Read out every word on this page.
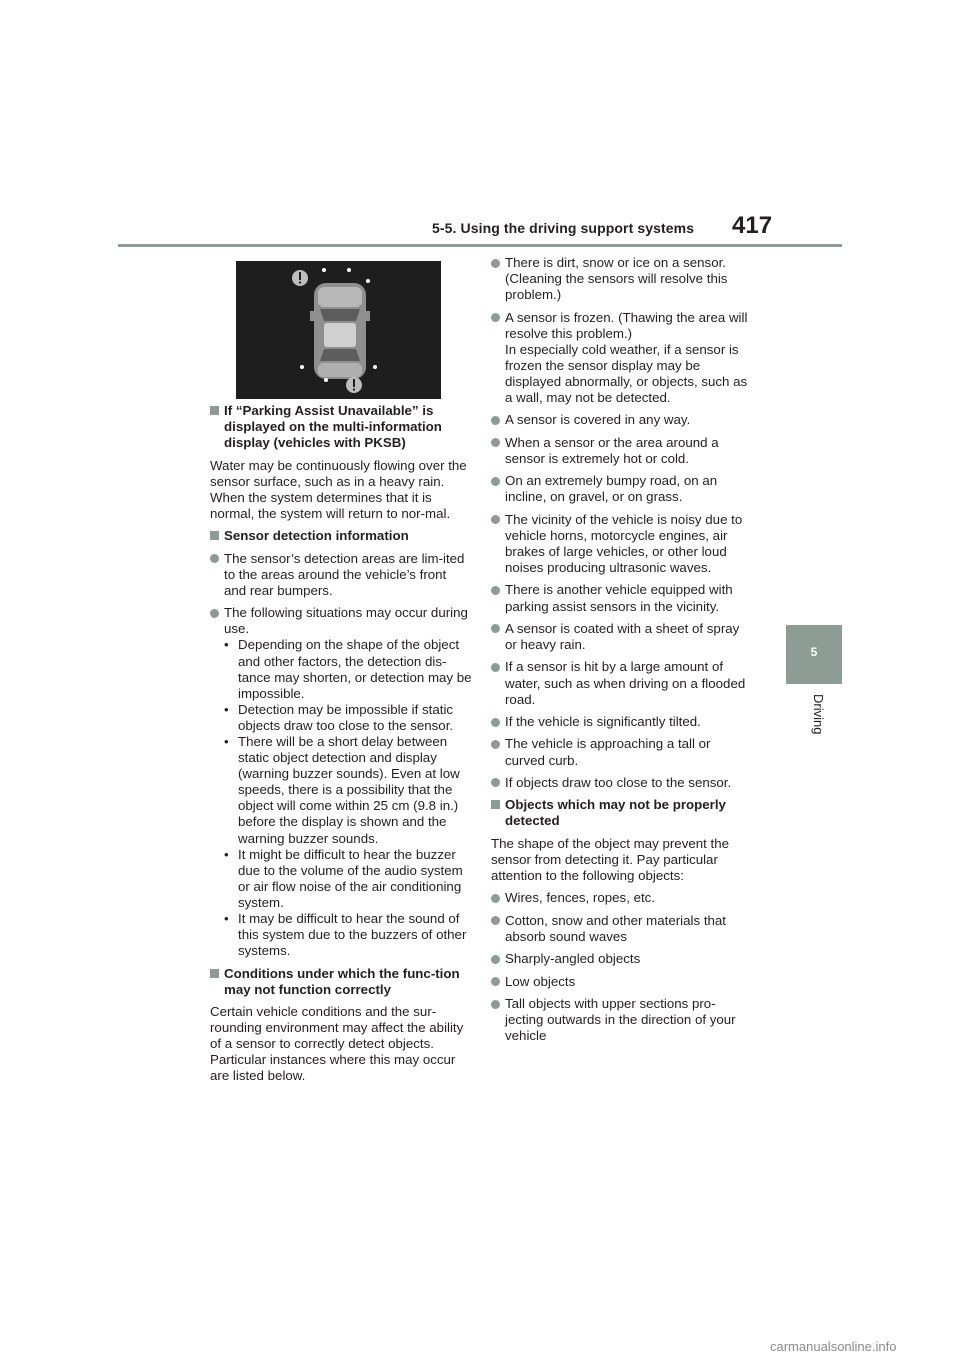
5-5. Using the driving support systems 417
5
Driving
If “Parking Assist Unavailable” is displayed on the multi-information display (vehicles with PKSB)

Water may be continuously flowing over the sensor surface, such as in a heavy rain. When the system determines that it is normal, the system will return to nor-mal.

Sensor detection information
The sensor’s detection areas are lim-ited to the areas around the vehicle’s front and rear bumpers.
The following situations may occur during use.
• Depending on the shape of the object and other factors, the detection dis-tance may shorten, or detection may be impossible.
• Detection may be impossible if static objects draw too close to the sensor.
• There will be a short delay between static object detection and display (warning buzzer sounds). Even at low speeds, there is a possibility that the object will come within 25 cm (9.8 in.) before the display is shown and the warning buzzer sounds.
• It might be difficult to hear the buzzer due to the volume of the audio system or air flow noise of the air conditioning system.
• It may be difficult to hear the sound of this system due to the buzzers of other systems.
Conditions under which the func-tion may not function correctly

Certain vehicle conditions and the sur-rounding environment may affect the ability of a sensor to correctly detect objects. Particular instances where this may occur are listed below.

There is dirt, snow or ice on a sensor. (Cleaning the sensors will resolve this problem.)
A sensor is frozen. (Thawing the area will resolve this problem.)
In especially cold weather, if a sensor is frozen the sensor display may be displayed abnormally, or objects, such as a wall, may not be detected.
A sensor is covered in any way.
When a sensor or the area around a sensor is extremely hot or cold.
On an extremely bumpy road, on an incline, on gravel, or on grass.
The vicinity of the vehicle is noisy due to vehicle horns, motorcycle engines, air brakes of large vehicles, or other loud noises producing ultrasonic waves.
There is another vehicle equipped with parking assist sensors in the vicinity.
A sensor is coated with a sheet of spray or heavy rain.
If a sensor is hit by a large amount of water, such as when driving on a flooded road.
If the vehicle is significantly tilted.
The vehicle is approaching a tall or curved curb.
If objects draw too close to the sensor.
Objects which may not be properly detected

The shape of the object may prevent the sensor from detecting it. Pay particular attention to the following objects:

Wires, fences, ropes, etc.
Cotton, snow and other materials that absorb sound waves
Sharply-angled objects
Low objects
Tall objects with upper sections pro-jecting outwards in the direction of your vehicle
carmanualsonline.info
